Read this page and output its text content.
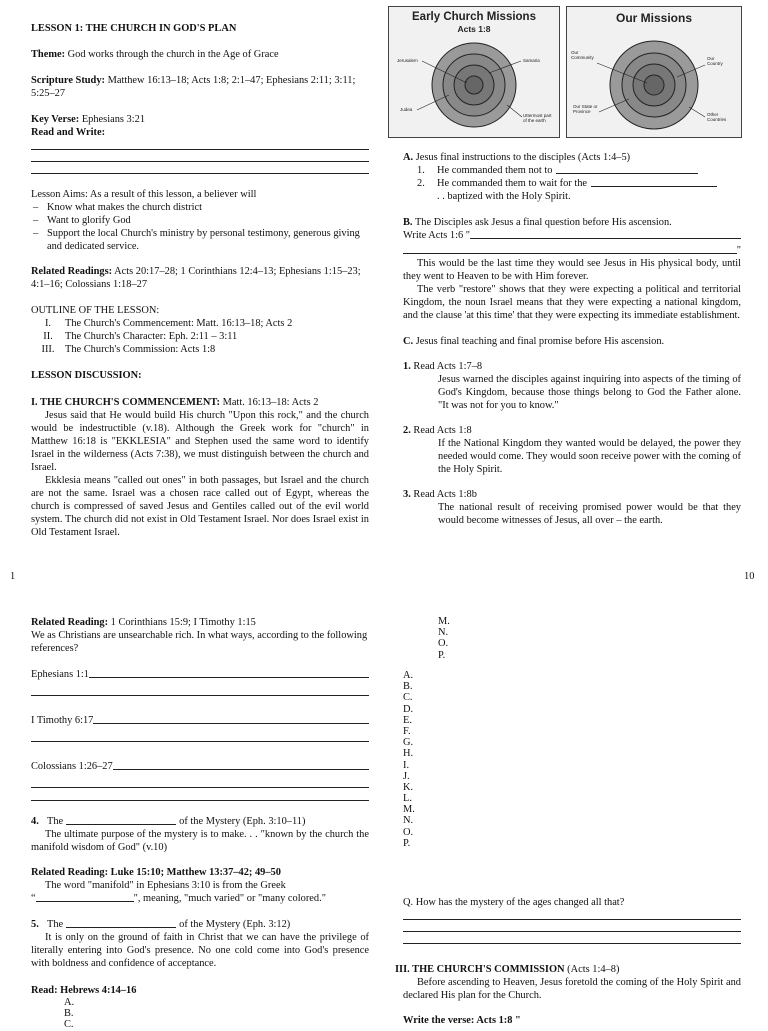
LESSON 1: THE CHURCH IN GOD'S PLAN

Theme: God works through the church in the Age of Grace

Scripture Study: Matthew 16:13–18; Acts 1:8; 2:1–47; Ephesians 2:11; 3:11; 5:25–27

Key Verse: Ephesians 3:21

Read and Write:

Lesson Aims: As a result of this lesson, a believer will

– Know what makes the church district
– Want to glorify God
– Support the local Church's ministry by personal testimony, generous giving and dedicated service.

Related Readings: Acts 20:17–28; 1 Corinthians 12:4–13; Ephesians 1:15–23; 4:1–16; Colossians 1:18–27

OUTLINE OF THE LESSON:

I.	The Church's Commencement: Matt. 16:13–18; Acts 2
II.	The Church's Character: Eph. 2:11 – 3:11
III.	The Church's Commission: Acts 1:8

LESSON DISCUSSION:

I. THE CHURCH'S COMMENCEMENT: Matt. 16:13–18: Acts 2

Jesus said that He would build His church "Upon this rock," and the church would be indestructible (v.18). Although the Greek work for "church" in Matthew 16:18 is "EKKLESIA" and Stephen used the same word to identify Israel in the wilderness (Acts 7:38), we must distinguish between the church and Israel.

Ekklesia means "called out ones" in both passages, but Israel and the church are not the same. Israel was a chosen race called out of Egypt, whereas the church is compressed of saved Jesus and Gentiles called out of the evil world system. The church did not exist in Old Testament Israel. Nor does Israel exist in Old Testament Israel.

1
Early Church Missions
Acts 1:8
Jerusalem	Samaria
Judea
Uttermost part of the earth
Our Missions
Our Community	Our Country
Our State or Province
Other Countries

A. Jesus final instructions to the disciples (Acts 1:4–5)

1.	He commanded them not to
2.	He commanded them to wait for the

. . baptized with the Holy Spirit.

B. The Disciples ask Jesus a final question before His ascension.

Write Acts 1:6 "
"

This would be the last time they would see Jesus in His physical body, until they went to Heaven to be with Him forever.

The verb "restore" shows that they were expecting a political and territorial Kingdom, the noun Israel means that they were expecting a national kingdom, and the clause 'at this time' that they were expecting its immediate establishment.

C. Jesus final teaching and final promise before His ascension.

1. Read Acts 1:7–8

Jesus warned the disciples against inquiring into aspects of the timing of God's Kingdom, because those things belong to God the Father alone. "It was not for you to know."

2. Read Acts 1:8

If the National Kingdom they wanted would be delayed, the power they needed would come. They would soon receive power with the coming of the Holy Spirit.

3. Read Acts 1:8b

The national result of receiving promised power would be that they would become witnesses of Jesus, all over – the earth.

10

Related Reading: 1 Corinthians 15:9; I Timothy 1:15

We as Christians are unsearchable rich. In what ways, according to the following references?

Ephesians 1:1
I Timothy 6:17
Colossians 1:26–27
4. The	of the Mystery (Eph. 3:10–11)

The ultimate purpose of the mystery is to make. . . "known by the church the manifold wisdom of God" (v.10)

Related Reading: Luke 15:10; Matthew 13:37–42; 49–50

The word "manifold" in Ephesians 3:10 is from the Greek

“	", meaning, "much varied" or "many colored."
5. The	of the Mystery (Eph. 3:12)

It is only on the ground of faith in Christ that we can have the privilege of literally entering into God's presence. No one cold come into God's presence with boldness and confidence of acceptance.

Read: Hebrews 4:14–16

A.
B.
C.
M.
N.
O.
P.
A.
B.
C.
D.
E.
F.
G.
H.
I.
J.
K.
L.
M.
N.
O.
P.

Q. How has the mystery of the ages changed all that?

III. THE CHURCH'S COMMISSION (Acts 1:4–8)

Before ascending to Heaven, Jesus foretold the coming of the Holy Spirit and declared His plan for the Church.

Write the verse: Acts 1:8 "
